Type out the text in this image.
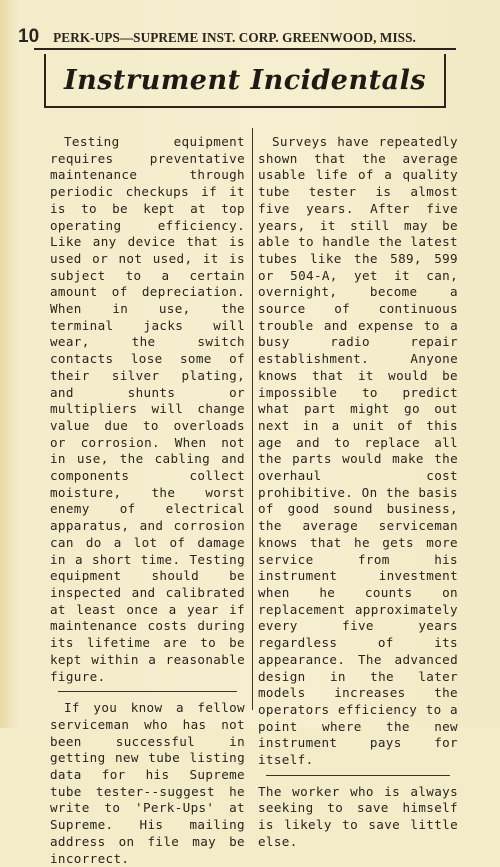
10 PERK-UPS—SUPREME INST. CORP. GREENWOOD, MISS.
Instrument Incidentals

Testing equipment requires preventative maintenance through periodic checkups if it is to be kept at top operating efficiency. Like any device that is used or not used, it is subject to a certain amount of depreciation. When in use, the terminal jacks will wear, the switch contacts lose some of their silver plating, and shunts or multipliers will change value due to overloads or corrosion. When not in use, the cabling and components collect moisture, the worst enemy of electrical apparatus, and corrosion can do a lot of damage in a short time. Testing equipment should be inspected and calibrated at least once a year if maintenance costs during its lifetime are to be kept within a reasonable figure.

If you know a fellow serviceman who has not been successful in getting new tube listing data for his Supreme tube tester--suggest he write to 'Perk-Ups' at Supreme. His mailing address on file may be incorrect.

Surveys have repeatedly shown that the average usable life of a quality tube tester is almost five years. After five years, it still may be able to handle the latest tubes like the 589, 599 or 504-A, yet it can, overnight, become a source of continuous trouble and expense to a busy radio repair establishment. Anyone knows that it would be impossible to predict what part might go out next in a unit of this age and to replace all the parts would make the overhaul cost prohibitive. On the basis of good sound business, the average serviceman knows that he gets more service from his instrument investment when he counts on replacement approximately every five years regardless of its appearance. The advanced design in the later models increases the operators efficiency to a point where the new instrument pays for itself.

The worker who is always seeking to save himself is likely to save little else.
